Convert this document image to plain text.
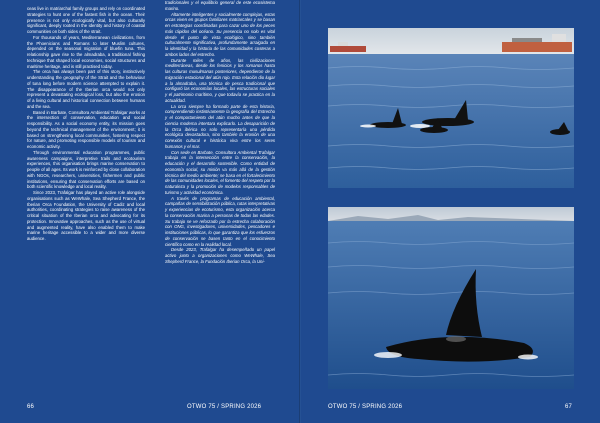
ceas live in matriarchal family groups and rely on coordinated strategies to hunt one of the fastest fish in the ocean. Their presence is not only ecologically vital, but also culturally significant, deeply rooted in the identity and history of coastal communities on both sides of the strait.

For thousands of years, Mediterranean civilizations, from the Phoenicians and Romans to later Muslim cultures, depended on the seasonal migration of bluefin tuna. This relationship gave rise to the almadraba, a traditional fishing technique that shaped local economies, social structures and maritime heritage, and is still practised today.

The orca has always been part of this story, instinctively understanding the geography of the Strait and the behaviour of tuna long before modern science attempted to explain it. The disappearance of the Iberian orca would not only represent a devastating ecological loss, but also the erosion of a living cultural and historical connection between humans and the sea.

Based in Barbate, Consultora Ambiental Trafalgar works at the intersection of conservation, education and social responsibility. As a social economy entity, its mission goes beyond the technical management of the environment; it is based on strengthening local communities, fostering respect for nature, and promoting responsible models of tourism and economic activity.

Through environmental education programmes, public awareness campaigns, interpretive trails and ecotourism experiences, this organisation brings marine conservation to people of all ages. Its work is reinforced by close collaboration with NGOs, researchers, universities, fishermen and public institutions, ensuring that conservation efforts are based on both scientific knowledge and local reality.

Since 2023, Trafalgar has played an active role alongside organisations such as WeWhale, Sea Shepherd France, the Iberian Orca Foundation, the University of Cadiz and local authorities, coordinating strategies to raise awareness of the critical situation of the Iberian orca and advocating for its protection. Innovative approaches, such as the use of virtual and augmented reality, have also enabled them to make marine heritage accessible to a wider and more diverse audience.

tradicionales y el equilibrio general de este ecosistema marino.

Altamente inteligentes y socialmente complejas, estas orcas viven en grupos familiares matriarcales y se basan en estrategias coordinadas para cazar uno de los peces más rápidos del océano. Su presencia no solo es vital desde el punto de vista ecológico, sino también culturalmente significativa, profundamente arraigada en la identidad y la historia de las comunidades costeras a ambos lados del estrecho.

Durante miles de años, las civilizaciones mediterráneas, desde los fenicios y los romanos hasta las culturas musulmanas posteriores, dependieron de la migración estacional del atún rojo. Esta relación dio lugar a la almadraba, una técnica de pesca tradicional que configuró las economías locales, las estructuras sociales y el patrimonio marítimo, y que todavía se practica en la actualidad.

La orca siempre ha formado parte de esta historia, comprendiendo instintivamente la geografía del Estrecho y el comportamiento del atún mucho antes de que la ciencia moderna intentara explicarlo. La desaparición de la Orca ibérica no solo representaría una pérdida ecológica devastadora, sino también la erosión de una conexión cultural e histórica viva entre los seres humanos y el mar.

Con sede en Barbate, Consultora Ambiental Trafalgar trabaja en la intersección entre la conservación, la educación y el desarrollo sostenible. Como entidad de economía social, su misión va más allá de la gestión técnica del medio ambiente; se basa en el fortalecimiento de las comunidades locales, el fomento del respeto por la naturaleza y la promoción de modelos responsables de turismo y actividad económica.

A través de programas de educación ambiental, campañas de sensibilización pública, rutas interpretativas y experiencias de ecoturismo, esta organización acerca la conservación marina a personas de todas las edades. Su trabajo se ve reforzado por la estrecha colaboración con ONG, investigadores, universidades, pescadores e instituciones públicas, lo que garantiza que los esfuerzos de conservación se basen tanto en el conocimiento científico como en la realidad local.

Desde 2023, Trafalgar ha desempeñado un papel activo junto a organizaciones como WeWhale, Sea Shepherd France, la Fundación Iberian Orca, la Uni-

66	OTWO 75 / SPRING 2026	OTWO 75 / SPRING 2026	67
